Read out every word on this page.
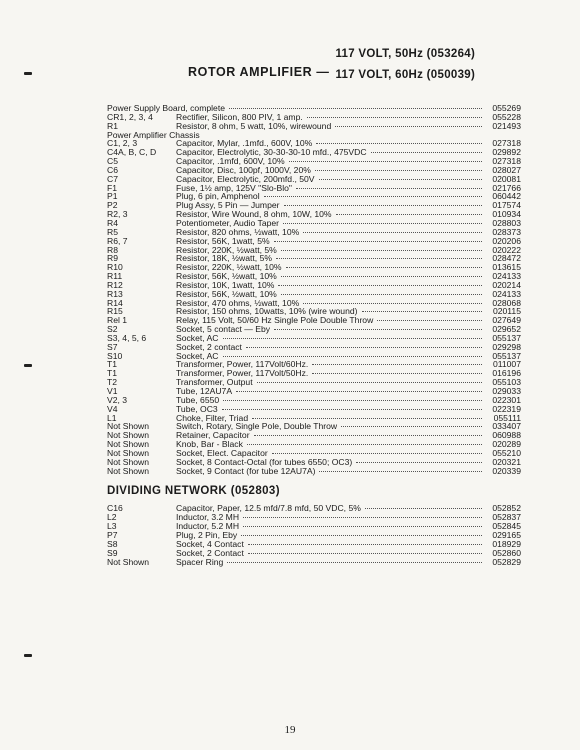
ROTOR AMPLIFIER —
117 VOLT, 50Hz (053264)
117 VOLT, 60Hz (050039)
Power Supply Board, complete	055269
CR1, 2, 3, 4	Rectifier, Silicon, 800 PIV, 1 amp.	055228
R1	Resistor, 8 ohm, 5 watt, 10%, wirewound	021493
Power Amplifier Chassis
C1, 2, 3	Capacitor, Mylar, .1mfd., 600V, 10%	027318
C4A, B, C, D	Capacitor, Electrolytic, 30-30-30-10 mfd., 475VDC	029892
C5	Capacitor, .1mfd, 600V, 10%	027318
C6	Capacitor, Disc, 100pf, 1000V, 20%	028027
C7	Capacitor, Electrolytic, 200mfd., 50V	020081
F1	Fuse, 1½ amp, 125V "Slo-Blo"	021766
P1	Plug, 6 pin, Amphenol	060442
P2	Plug Assy, 5 Pin — Jumper	017574
R2, 3	Resistor, Wire Wound, 8 ohm, 10W, 10%	010934
R4	Potentiometer, Audio Taper	028803
R5	Resistor, 820 ohms, ½watt, 10%	028373
R6, 7	Resistor, 56K, 1watt, 5%	020206
R8	Resistor, 220K, ½watt, 5%	020222
R9	Resistor, 18K, ½watt, 5%	028472
R10	Resistor, 220K, ½watt, 10%	013615
R11	Resistor, 56K, ½watt, 10%	024133
R12	Resistor, 10K, 1watt, 10%	020214
R13	Resistor, 56K, ½watt, 10%	024133
R14	Resistor, 470 ohms, ½watt, 10%	028068
R15	Resistor, 150 ohms, 10watts, 10% (wire wound)	020115
Rel 1	Relay, 115 Volt, 50/60 Hz Single Pole Double Throw	027649
S2	Socket, 5 contact — Eby	029652
S3, 4, 5, 6	Socket, AC	055137
S7	Socket, 2 contact	029298
S10	Socket, AC	055137
T1	Transformer, Power, 117Volt/60Hz.	011007
T1	Transformer, Power, 117Volt/50Hz.	016196
T2	Transformer, Output	055103
V1	Tube, 12AU7A	029033
V2, 3	Tube, 6550	022301
V4	Tube, OC3	022319
L1	Choke, Filter, Triad	055111
Not Shown	Switch, Rotary, Single Pole, Double Throw	033407
Not Shown	Retainer, Capacitor	060988
Not Shown	Knob, Bar - Black	020289
Not Shown	Socket, Elect. Capacitor	055210
Not Shown	Socket, 8 Contact-Octal (for tubes 6550; OC3)	020321
Not Shown	Socket, 9 Contact (for tube 12AU7A)	020339
DIVIDING NETWORK (052803)
C16	Capacitor, Paper, 12.5 mfd/7.8 mfd, 50 VDC, 5%	052852
L2	Inductor, 3.2 MH	052837
L3	Inductor, 5.2 MH	052845
P7	Plug, 2 Pin, Eby	029165
S8	Socket, 4 Contact	018929
S9	Socket, 2 Contact	052860
Not Shown	Spacer Ring	052829
19
